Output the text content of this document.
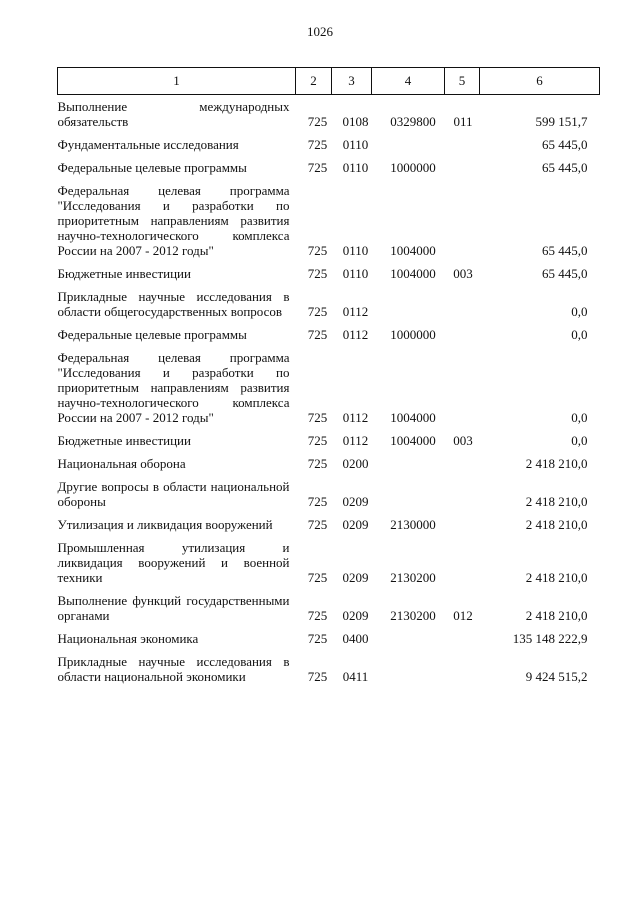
1026
1	2	3	4	5	6
Выполнение международных обязательств	725	0108	0329800	011	599 151,7
Фундаментальные исследования	725	0110			65 445,0
Федеральные целевые программы	725	0110	1000000		65 445,0
Федеральная целевая программа "Исследования и разработки по приоритетным направлениям развития научно-технологического комплекса России на 2007 - 2012 годы"	725	0110	1004000		65 445,0
Бюджетные инвестиции	725	0110	1004000	003	65 445,0
Прикладные научные исследования в области общегосударственных вопросов	725	0112			0,0
Федеральные целевые программы	725	0112	1000000		0,0
Федеральная целевая программа "Исследования и разработки по приоритетным направлениям развития научно-технологического комплекса России на 2007 - 2012 годы"	725	0112	1004000		0,0
Бюджетные инвестиции	725	0112	1004000	003	0,0
Национальная оборона	725	0200			2 418 210,0
Другие вопросы в области национальной обороны	725	0209			2 418 210,0
Утилизация и ликвидация вооружений	725	0209	2130000		2 418 210,0
Промышленная утилизация и ликвидация вооружений и военной техники	725	0209	2130200		2 418 210,0
Выполнение функций государственными органами	725	0209	2130200	012	2 418 210,0
Национальная экономика	725	0400			135 148 222,9
Прикладные научные исследования в области национальной экономики	725	0411			9 424 515,2
